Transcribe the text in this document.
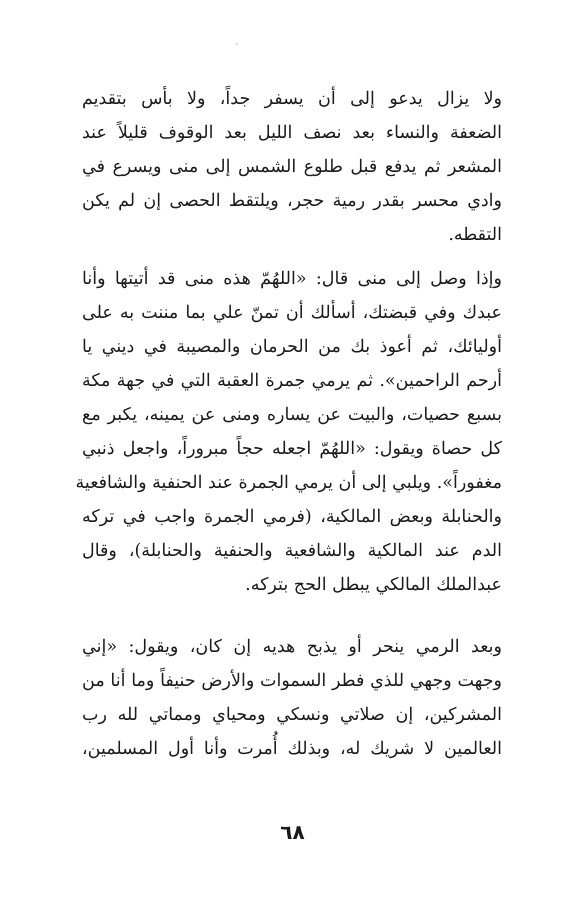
ولا يزال يدعو إلى أن يسفر جداً، ولا بأس بتقديم
الضعفة والنساء بعد نصف الليل بعد الوقوف قليلاً عند
المشعر ثم يدفع قبل طلوع الشمس إلى منى ويسرع في
وادي محسر بقدر رمية حجر، ويلتقط الحصى إن لم يكن
التقطه.
وإذا وصل إلى منى قال: «اللهُمّ هذه منى قد أتيتها وأنا
عبدك وفي قبضتك، أسألك أن تمنّ علي بما مننت به على
أوليائك، ثم أعوذ بك من الحرمان والمصيبة في ديني يا
أرحم الراحمين». ثم يرمي جمرة العقبة التي في جهة مكة
بسبع حصيات، والبيت عن يساره ومنى عن يمينه، يكبر مع
كل حصاة ويقول: «اللهُمّ اجعله حجاً مبروراً، واجعل ذنبي
مغفوراً». ويلبي إلى أن يرمي الجمرة عند الحنفية والشافعية
والحنابلة وبعض المالكية، (فرمي الجمرة واجب في تركه
الدم عند المالكية والشافعية والحنفية والحنابلة)، وقال
عبدالملك المالكي يبطل الحج بتركه.
وبعد الرمي ينحر أو يذبح هديه إن كان، ويقول: «إني
وجهت وجهي للذي فطر السموات والأرض حنيفاً وما أنا من
المشركين، إن صلاتي ونسكي ومحياي ومماتي لله رب
العالمين لا شريك له، وبذلك أُمرت وأنا أول المسلمين،
٦٨
